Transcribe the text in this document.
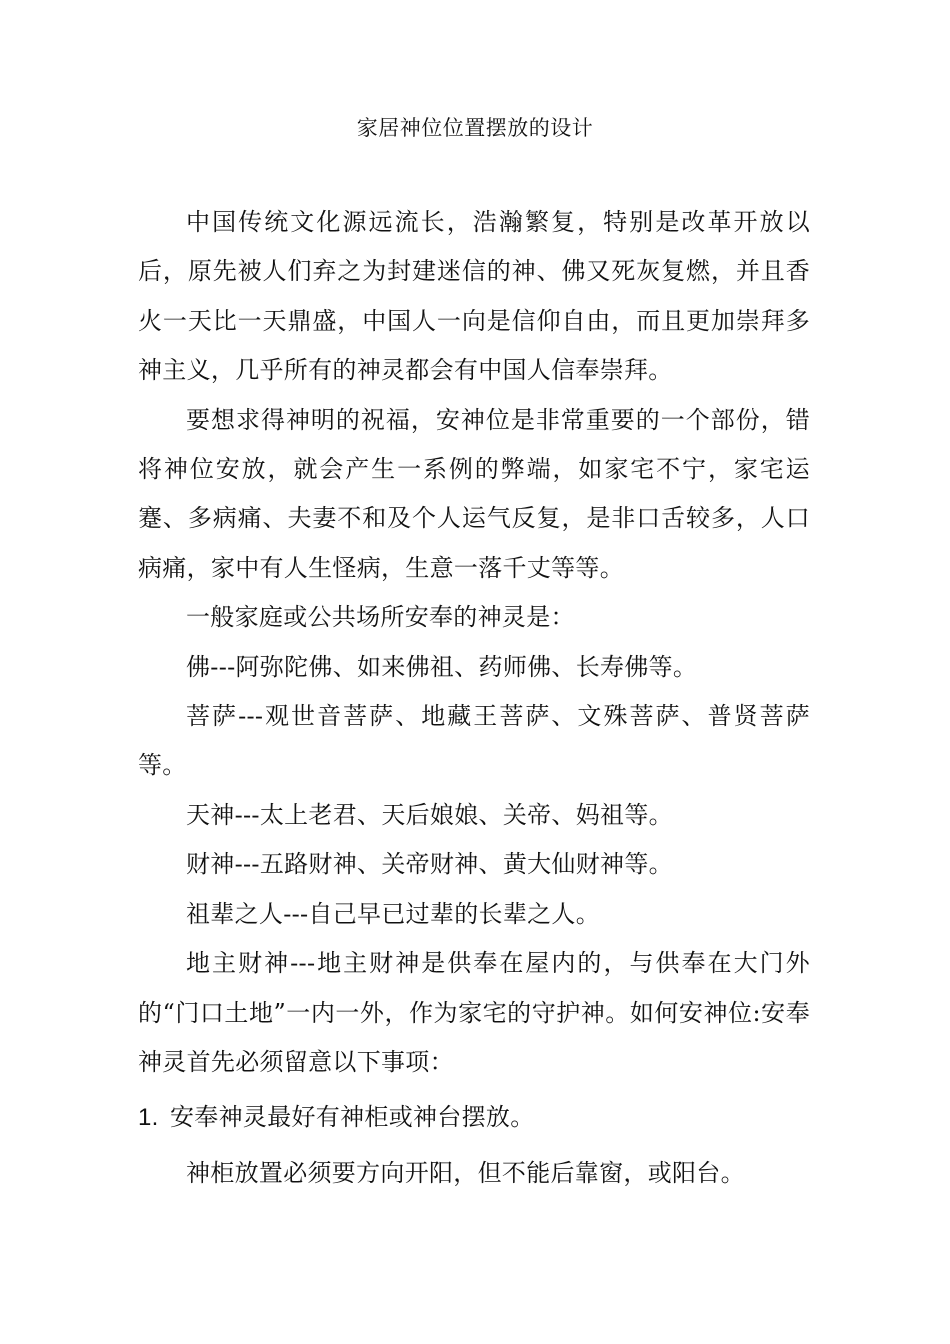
家居神位位置摆放的设计

中国传统文化源远流长，浩瀚繁复，特别是改革开放以后，原先被人们弃之为封建迷信的神、佛又死灰复燃，并且香火一天比一天鼎盛，中国人一向是信仰自由，而且更加崇拜多神主义，几乎所有的神灵都会有中国人信奉崇拜。

要想求得神明的祝福，安神位是非常重要的一个部份，错将神位安放，就会产生一系例的弊端，如家宅不宁，家宅运蹇、多病痛、夫妻不和及个人运气反复，是非口舌较多，人口病痛，家中有人生怪病，生意一落千丈等等。

一般家庭或公共场所安奉的神灵是：

佛---阿弥陀佛、如来佛祖、药师佛、长寿佛等。

菩萨---观世音菩萨、地藏王菩萨、文殊菩萨、普贤菩萨等。

天神---太上老君、天后娘娘、关帝、妈祖等。

财神---五路财神、关帝财神、黄大仙财神等。

祖辈之人---自己早已过辈的长辈之人。

地主财神---地主财神是供奉在屋内的，与供奉在大门外的“门口土地”一内一外，作为家宅的守护神。如何安神位:安奉神灵首先必须留意以下事项：

1. 安奉神灵最好有神柜或神台摆放。

神柜放置必须要方向开阳，但不能后靠窗，或阳台。
